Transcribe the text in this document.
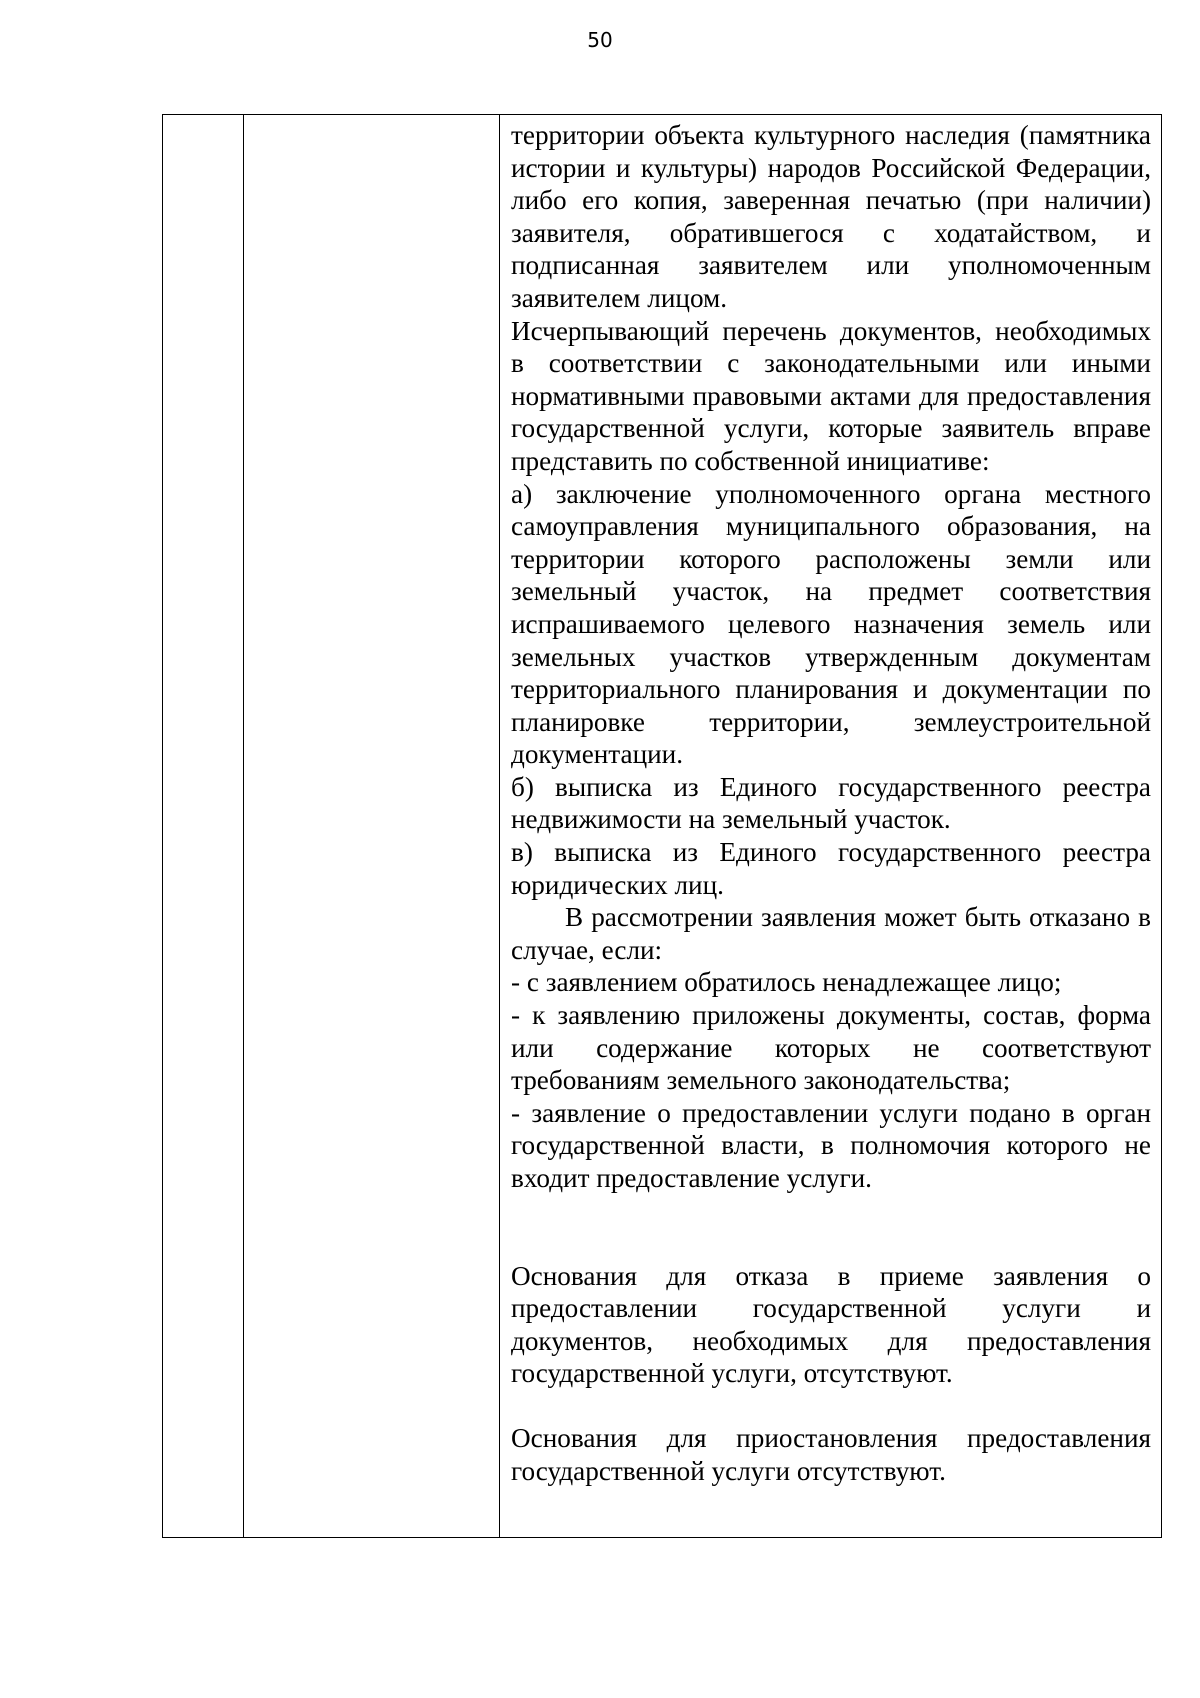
50

территории объекта культурного наследия (памятника истории и культуры) народов Российской Федерации, либо его копия, заверенная печатью (при наличии) заявителя, обратившегося с ходатайством, и подписанная заявителем или уполномоченным заявителем лицом.

Исчерпывающий перечень документов, необходимых в соответствии с законодательными или иными нормативными правовыми актами для предоставления государственной услуги, которые заявитель вправе представить по собственной инициативе:

а) заключение уполномоченного органа местного самоуправления муниципального образования, на территории которого расположены земли или земельный участок, на предмет соответствия испрашиваемого целевого назначения земель или земельных участков утвержденным документам территориального планирования и документации по планировке территории, землеустроительной документации.

б) выписка из Единого государственного реестра недвижимости на земельный участок.

в) выписка из Единого государственного реестра юридических лиц.

В рассмотрении заявления может быть отказано в случае, если:

- с заявлением обратилось ненадлежащее лицо;

- к заявлению приложены документы, состав, форма или содержание которых не соответствуют требованиям земельного законодательства;

- заявление о предоставлении услуги подано в орган государственной власти, в полномочия которого не входит предоставление услуги.

Основания для отказа в приеме заявления о предоставлении государственной услуги и документов, необходимых для предоставления государственной услуги, отсутствуют.

Основания для приостановления предоставления государственной услуги отсутствуют.
